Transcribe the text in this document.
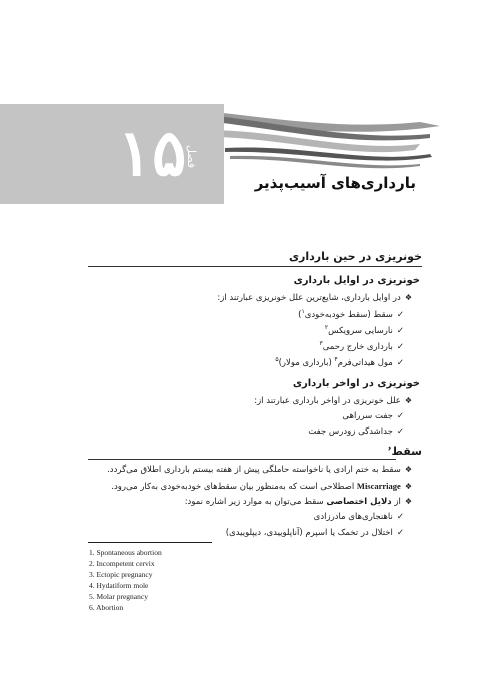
۱۵
فصل
بارداری‌های آسیب‌پذیر
خونریزی در حین بارداری
خونریزی در اوایل بارداری
❖در اوایل بارداری، شایع‌ترین علل خونریزی عبارتند از:
✓سقط (سقط خودبه‌خودی$^۱$)
✓نارسایی سرویکس$^۲$
✓بارداری خارج رحمی$^۳$
✓مول هیداتی‌فرم$^۴$ (بارداری مولار)$^۵$
خونریزی در اواخر بارداری
❖علل خونریزی در اواخر بارداری عبارتند از:
✓جفت سرراهی
✓جداشدگی زودرس جفت
سقط$^۶$
❖سقط به ختم ارادی یا ناخواسته حاملگی پیش از هفته بیستم بارداری اطلاق می‌گردد.
❖Miscarriage اصطلاحی است که به‌منظور بیان سقط‌های خودبه‌خودی به‌کار می‌رود.
❖از دلایل اختصاصی سقط می‌توان به موارد زیر اشاره نمود:
✓ناهنجاری‌های مادرزادی
✓اختلال در تخمک یا اسپرم (آناپلوییدی، دیپلوییدی)
1. Spontaneous abortion
2. Incompetent cervix
3. Ectopic pregnancy
4. Hydatiform mole
5. Molar pregnancy
6. Abortion
